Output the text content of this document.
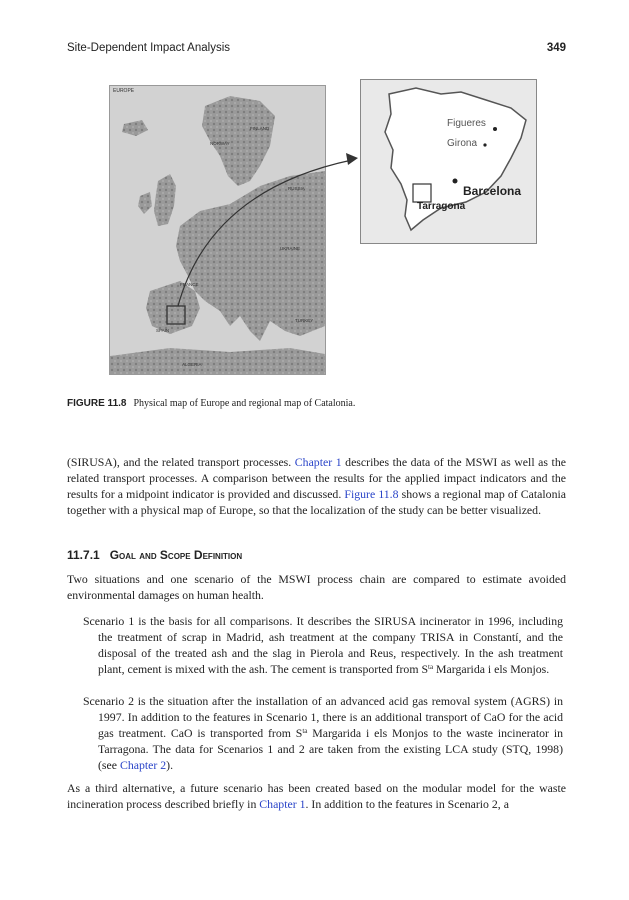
Site-Dependent Impact Analysis	349
EUROPE
FINLAND
NORWAY
RUSSIA
UKRAINE
FRANCE
SPAIN
TURKEY
ALGERIA
Figueres
Girona
Barcelona
Tarragona
FIGURE 11.8 Physical map of Europe and regional map of Catalonia.

(SIRUSA), and the related transport processes. Chapter 1 describes the data of the MSWI as well as the related transport processes. A comparison between the results for the applied impact indicators and the results for a midpoint indicator is provided and discussed. Figure 11.8 shows a regional map of Catalonia together with a physical map of Europe, so that the localization of the study can be better visualized.

11.7.1 Goal and Scope Definition

Two situations and one scenario of the MSWI process chain are compared to estimate avoided environmental damages on human health.

Scenario 1 is the basis for all comparisons. It describes the SIRUSA incinerator in 1996, including the treatment of scrap in Madrid, ash treatment at the company TRISA in Constantí, and the disposal of the treated ash and the slag in Pierola and Reus, respectively. In the ash treatment plant, cement is mixed with the ash. The cement is transported from $S^{ta}$ Margarida i els Monjos.

Scenario 2 is the situation after the installation of an advanced acid gas removal system (AGRS) in 1997. In addition to the features in Scenario 1, there is an additional transport of CaO for the acid gas treatment. CaO is transported from $S^{ta}$ Margarida i els Monjos to the waste incinerator in Tarragona. The data for Scenarios 1 and 2 are taken from the existing LCA study (STQ, 1998) (see Chapter 2).

As a third alternative, a future scenario has been created based on the modular model for the waste incineration process described briefly in Chapter 1. In addition to the features in Scenario 2, a
